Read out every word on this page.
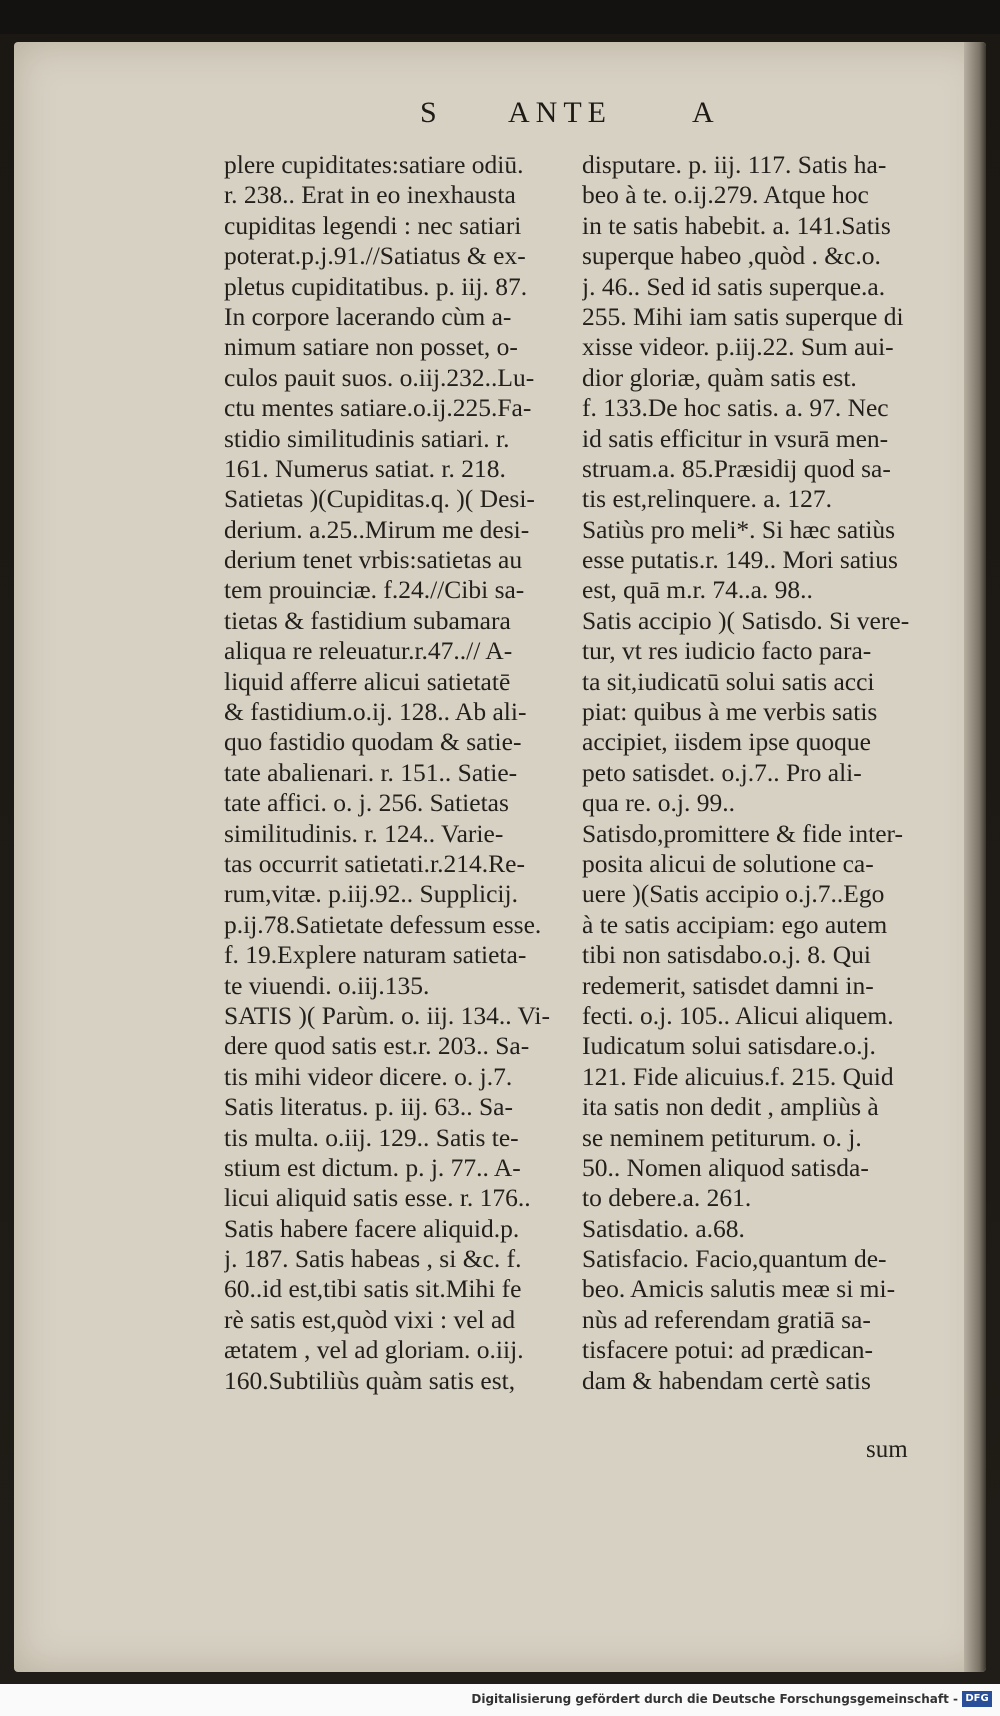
S ANTE	A
plere cupiditates:satiare odiū.
r. 238.. Erat in eo inexhausta
cupiditas legendi : nec satiari
poterat.p.j.91.//Satiatus & ex-
pletus cupiditatibus. p. iij. 87.
In corpore lacerando cùm a-
nimum satiare non posset, o-
culos pauit suos. o.iij.232..Lu-
ctu mentes satiare.o.ij.225.Fa-
stidio similitudinis satiari. r.
161. Numerus satiat. r. 218.
Satietas )(Cupiditas.q. )( Desi-
derium. a.25..Mirum me desi-
derium tenet vrbis:satietas au
tem prouinciæ. f.24.//Cibi sa-
tietas & fastidium subamara
aliqua re releuatur.r.47..// A-
liquid afferre alicui satietatē
& fastidium.o.ij. 128.. Ab ali-
quo fastidio quodam & satie-
tate abalienari. r. 151.. Satie-
tate affici. o. j. 256. Satietas
similitudinis. r. 124.. Varie-
tas occurrit satietati.r.214.Re-
rum,vitæ. p.iij.92.. Supplicij.
p.ij.78.Satietate defessum esse.
f. 19.Explere naturam satieta-
te viuendi. o.iij.135.
SATIS )( Parùm. o. iij. 134.. Vi-
dere quod satis est.r. 203.. Sa-
tis mihi videor dicere. o. j.7.
Satis literatus. p. iij. 63.. Sa-
tis multa. o.iij. 129.. Satis te-
stium est dictum. p. j. 77.. A-
licui aliquid satis esse. r. 176..
Satis habere facere aliquid.p.
j. 187. Satis habeas , si &c. f.
60..id est,tibi satis sit.Mihi fe
rè satis est,quòd vixi : vel ad
ætatem , vel ad gloriam. o.iij.
160.Subtiliùs quàm satis est,
disputare. p. iij. 117. Satis ha-
beo à te. o.ij.279. Atque hoc
in te satis habebit. a. 141.Satis
superque habeo ,quòd . &c.o.
j. 46.. Sed id satis superque.a.
255. Mihi iam satis superque di
xisse videor. p.iij.22. Sum aui-
dior gloriæ, quàm satis est.
f. 133.De hoc satis. a. 97. Nec
id satis efficitur in vsurā men-
struam.a. 85.Præsidij quod sa-
tis est,relinquere. a. 127.
Satiùs pro meli*. Si hæc satiùs
esse putatis.r. 149.. Mori satius
est, quā m.r. 74..a. 98..
Satis accipio )( Satisdo. Si vere-
tur, vt res iudicio facto para-
ta sit,iudicatū solui satis acci
piat: quibus à me verbis satis
accipiet, iisdem ipse quoque
peto satisdet. o.j.7.. Pro ali-
qua re. o.j. 99..
Satisdo,promittere & fide inter-
posita alicui de solutione ca-
uere )(Satis accipio o.j.7..Ego
à te satis accipiam: ego autem
tibi non satisdabo.o.j. 8. Qui
redemerit, satisdet damni in-
fecti. o.j. 105.. Alicui aliquem.
Iudicatum solui satisdare.o.j.
121. Fide alicuius.f. 215. Quid
ita satis non dedit , ampliùs à
se neminem petiturum. o. j.
50.. Nomen aliquod satisda-
to debere.a. 261.
Satisdatio. a.68.
Satisfacio. Facio,quantum de-
beo. Amicis salutis meæ si mi-
nùs ad referendam gratiā sa-
tisfacere potui: ad prædican-
dam & habendam certè satis
sum
Digitalisierung gefördert durch die Deutsche Forschungsgemeinschaft - DFG
